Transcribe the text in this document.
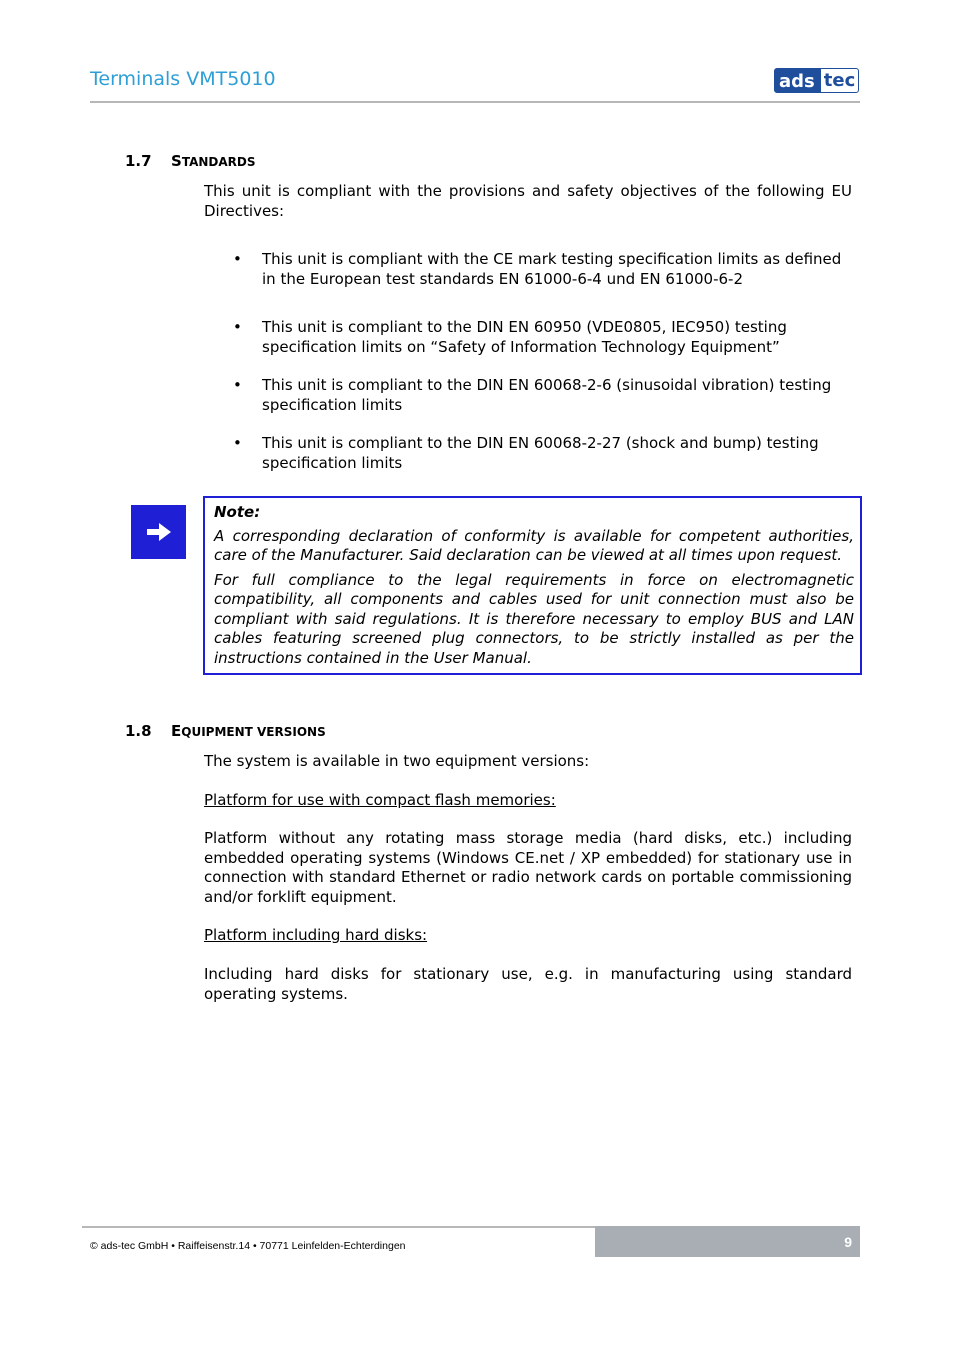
Terminals VMT5010	ads tec
1.7 STANDARDS
This unit is compliant with the provisions and safety objectives of the following EU Directives:
• This unit is compliant with the CE mark testing specification limits as defined in the European test standards EN 61000-6-4 und EN 61000-6-2
• This unit is compliant to the DIN EN 60950 (VDE0805, IEC950) testing specification limits on “Safety of Information Technology Equipment”
• This unit is compliant to the DIN EN 60068-2-6 (sinusoidal vibration) testing specification limits
• This unit is compliant to the DIN EN 60068-2-27 (shock and bump) testing specification limits
Note:

A corresponding declaration of conformity is available for competent authorities, care of the Manufacturer. Said declaration can be viewed at all times upon request.

For full compliance to the legal requirements in force on electromagnetic compatibility, all components and cables used for unit connection must also be compliant with said regulations. It is therefore necessary to employ BUS and LAN cables featuring screened plug connectors, to be strictly installed as per the instructions contained in the User Manual.

1.8 EQUIPMENT VERSIONS
The system is available in two equipment versions:
Platform for use with compact flash memories:
Platform without any rotating mass storage media (hard disks, etc.) including embedded operating systems (Windows CE.net / XP embedded) for stationary use in connection with standard Ethernet or radio network cards on portable commissioning and/or forklift equipment.
Platform including hard disks:
Including hard disks for stationary use, e.g. in manufacturing using standard operating systems.
9
© ads-tec GmbH • Raiffeisenstr.14 • 70771 Leinfelden-Echterdingen
